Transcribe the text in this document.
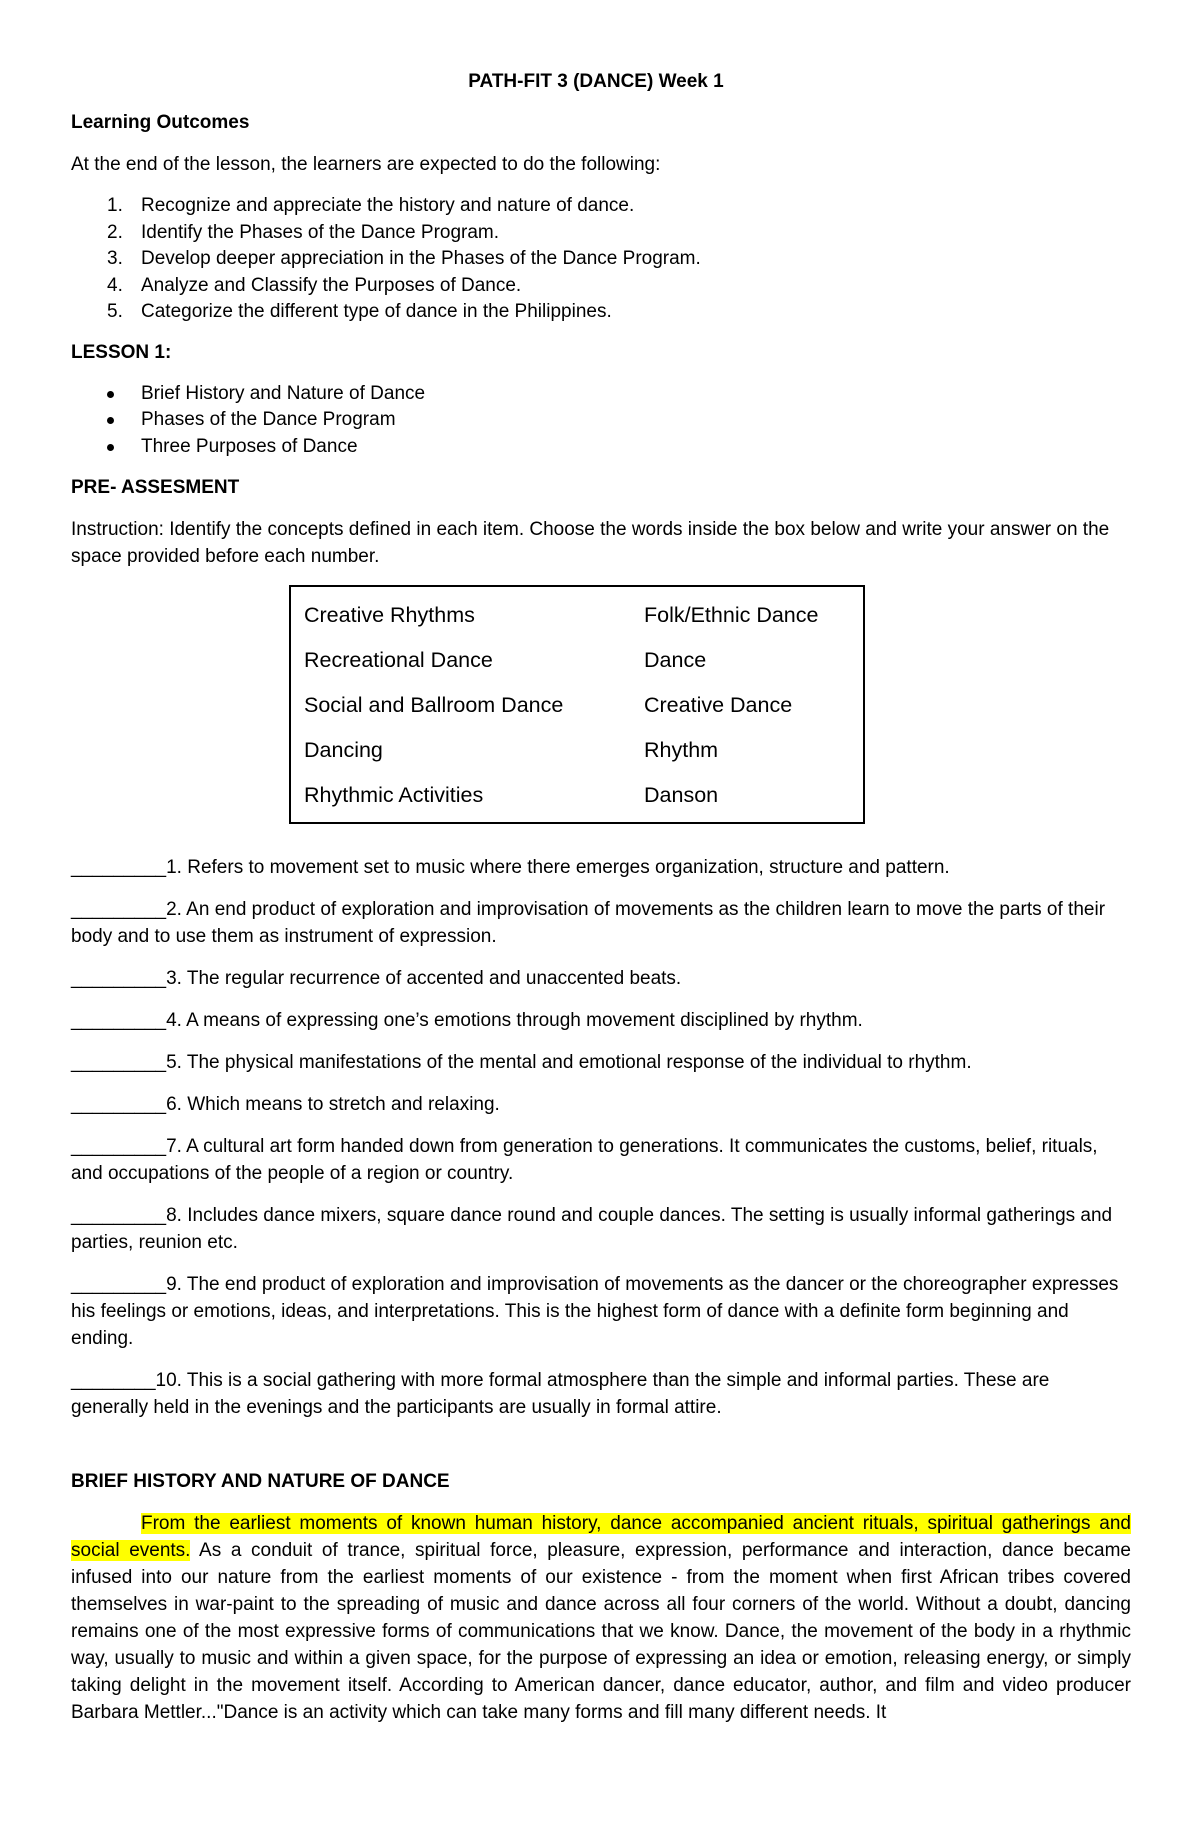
PATH-FIT 3 (DANCE) Week 1
Learning Outcomes

At the end of the lesson, the learners are expected to do the following:

1. Recognize and appreciate the history and nature of dance.
2. Identify the Phases of the Dance Program.
3. Develop deeper appreciation in the Phases of the Dance Program.
4. Analyze and Classify the Purposes of Dance.
5. Categorize the different type of dance in the Philippines.
LESSON 1:
Brief History and Nature of Dance
Phases of the Dance Program
Three Purposes of Dance
PRE- ASSESMENT

Instruction: Identify the concepts defined in each item. Choose the words inside the box below and write your answer on the space provided before each number.

Creative Rhythms	Folk/Ethnic Dance
Recreational Dance	Dance
Social and Ballroom Dance	Creative Dance
Dancing	Rhythm
Rhythmic Activities	Danson

_________1. Refers to movement set to music where there emerges organization, structure and pattern.

_________2. An end product of exploration and improvisation of movements as the children learn to move the parts of their body and to use them as instrument of expression.

_________3. The regular recurrence of accented and unaccented beats.

_________4. A means of expressing one’s emotions through movement disciplined by rhythm.

_________5. The physical manifestations of the mental and emotional response of the individual to rhythm.

_________6. Which means to stretch and relaxing.

_________7. A cultural art form handed down from generation to generations. It communicates the customs, belief, rituals, and occupations of the people of a region or country.

_________8. Includes dance mixers, square dance round and couple dances. The setting is usually informal gatherings and parties, reunion etc.

_________9. The end product of exploration and improvisation of movements as the dancer or the choreographer expresses his feelings or emotions, ideas, and interpretations. This is the highest form of dance with a definite form beginning and ending.

________10. This is a social gathering with more formal atmosphere than the simple and informal parties. These are generally held in the evenings and the participants are usually in formal attire.

BRIEF HISTORY AND NATURE OF DANCE

From the earliest moments of known human history, dance accompanied ancient rituals, spiritual gatherings and social events. As a conduit of trance, spiritual force, pleasure, expression, performance and interaction, dance became infused into our nature from the earliest moments of our existence - from the moment when first African tribes covered themselves in war-paint to the spreading of music and dance across all four corners of the world. Without a doubt, dancing remains one of the most expressive forms of communications that we know. Dance, the movement of the body in a rhythmic way, usually to music and within a given space, for the purpose of expressing an idea or emotion, releasing energy, or simply taking delight in the movement itself. According to American dancer, dance educator, author, and film and video producer Barbara Mettler..."Dance is an activity which can take many forms and fill many different needs. It
